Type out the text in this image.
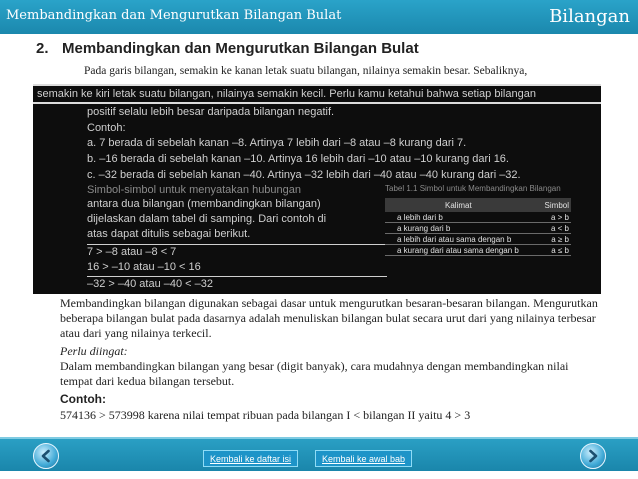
Membandingkan dan Mengurutkan Bilangan Bulat	Bilangan
2. Membandingkan dan Mengurutkan Bilangan Bulat
Pada garis bilangan, semakin ke kanan letak suatu bilangan, nilainya semakin besar. Sebaliknya,
semakin ke kiri letak suatu bilangan, nilainya semakin kecil. Perlu kamu ketahui bahwa setiap bilangan
positif selalu lebih besar daripada bilangan negatif.
Contoh:
a. 7 berada di sebelah kanan –8. Artinya 7 lebih dari –8 atau –8 kurang dari 7.
b. –16 berada di sebelah kanan –10. Artinya 16 lebih dari –10 atau –10 kurang dari 16.
c. –32 berada di sebelah kanan –40. Artinya –32 lebih dari –40 atau –40 kurang dari –32.
Simbol-simbol untuk menyatakan hubungan
antara dua bilangan (membandingkan bilangan)
dijelaskan dalam tabel di samping. Dari contoh di
atas dapat ditulis sebagai berikut.
7 > –8 atau –8 < 7
16 > –10 atau –10 < 16
–32 > –40 atau –40 < –32
Tabel 1.1 Simbol untuk Membandingkan Bilangan
Kalimat	Simbol
a lebih dari b	a > b
a kurang dari b	a < b
a lebih dari atau sama dengan b	a ≥ b
a kurang dari atau sama dengan b	a ≤ b

Membandingkan bilangan digunakan sebagai dasar untuk mengurutkan besaran-besaran bilangan. Mengurutkan beberapa bilangan bulat pada dasarnya adalah menuliskan bilangan bulat secara urut dari yang nilainya terbesar atau dari yang nilainya terkecil.

Perlu diingat:

Dalam membandingkan bilangan yang besar (digit banyak), cara mudahnya dengan membandingkan nilai tempat dari kedua bilangan tersebut.

Contoh:

574136 > 573998 karena nilai tempat ribuan pada bilangan I < bilangan II yaitu 4 > 3

Kembali ke daftar isi	Kembali ke awal bab
